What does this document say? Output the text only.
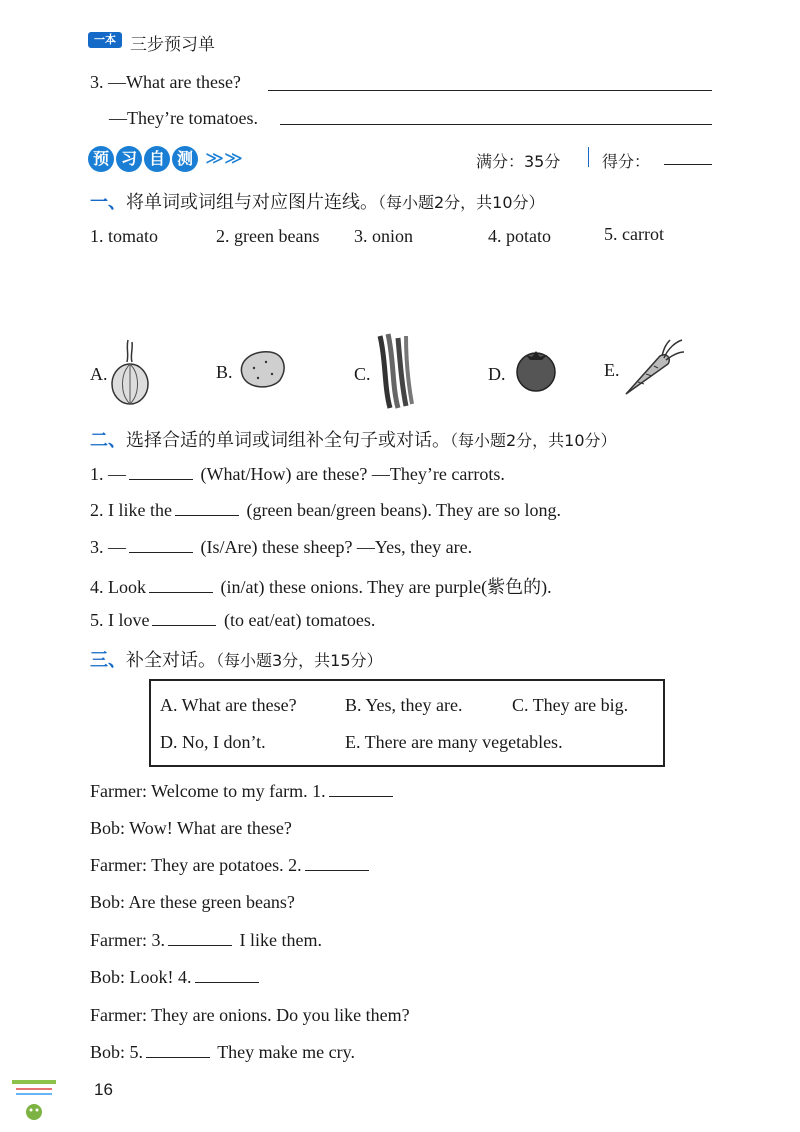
一本 三步预习单
3. —What are these?
—They’re tomatoes.
预 习 自 测 ≫≫	满分：35分	得分：
一、将单词或词组与对应图片连线。（每小题2分，共10分）
1. tomato	2. green beans 3. onion	4. potato	5. carrot
A.	B.	C.	D.	E.
二、选择合适的单词或词组补全句子或对话。（每小题2分，共10分）
1. —	(What/How) are these? —They’re carrots.
2. I like the	(green bean/green beans). They are so long.
3. —	(Is/Are) these sheep? —Yes, they are.
4. Look	(in/at) these onions. They are purple(紫色的).
5. I love	(to eat/eat) tomatoes.
三、补全对话。（每小题3分，共15分）
A. What are these?	B. Yes, they are.	C. They are big.
D. No, I don’t.	E. There are many vegetables.
Farmer: Welcome to my farm. 1.
Bob: Wow! What are these?
Farmer: They are potatoes. 2.
Bob: Are these green beans?
Farmer: 3.	I like them.
Bob: Look! 4.
Farmer: They are onions. Do you like them?
Bob: 5.	They make me cry.
16
